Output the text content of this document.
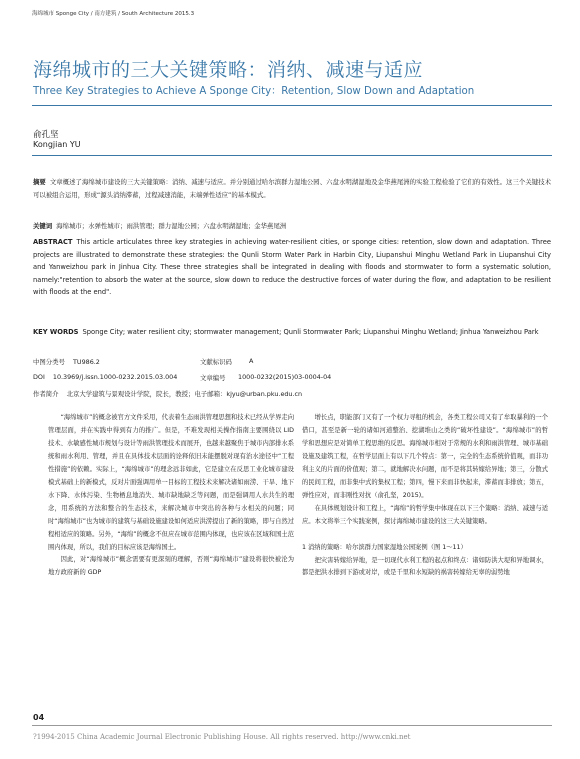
海绵城市 Sponge City / 南方建筑 / South Architecture 2015.3
海绵城市的三大关键策略：消纳、减速与适应
Three Key Strategies to Achieve A Sponge City：Retention, Slow Down and Adaptation
俞孔坚
Kongjian YU
摘要 文章概述了海绵城市建设的三大关键策略：消纳、减速与适应。并分别通过哈尔滨群力湿地公园、六盘水明湖湿地及金华燕尾洲的实验工程检验了它们的有效性。这三个关键技术可以被组合运用，形成“源头消纳滞蓄，过程减速消能，末端弹性适应”的基本模式。
关键词 海绵城市；水弹性城市；雨洪管理；群力湿地公园；六盘水明湖湿地；金华燕尾洲
ABSTRACT This article articulates three key strategies in achieving water-resilient cities, or sponge cities: retention, slow down and adaptation. Three projects are illustrated to demonstrate these strategies: the Qunli Storm Water Park in Harbin City, Liupanshui Minghu Wetland Park in Liupanshui City and Yanweizhou park in Jinhua City. These three strategies shall be integrated in dealing with floods and stormwater to form a systematic solution, namely:"retention to absorb the water at the source, slow down to reduce the destructive forces of water during the flow, and adaptation to be resilient with floods at the end".
KEY WORDS Sponge City; water resilient city; stormwater management; Qunli Stormwater Park; Liupanshui Minghu Wetland; Jinhua Yanweizhou Park
中图分类号 TU986.2	文献标识码	A
DOI 10.3969/j.issn.1000-0232.2015.03.004	文章编号 1000-0232(2015)03-0004-04
作者简介 北京大学建筑与景观设计学院，院长，教授；电子邮箱：kjyu@urban.pku.edu.cn

“海绵城市”的概念被官方文件采用，代表着生态雨洪管理思想和技术已经从学界走向管理层面，并在实践中得到有力的推广。但是，不难发现相关操作指南主要围绕以 LID 技术、水敏感性城市规划与设计等雨洪管理技术而展开，也越来越聚焦于城市内部排水系统和雨水利用、管理，并且在具体技术层面的诠释依旧未能摆脱对现有治水途径中“工程性措施”的依赖。实际上，“海绵城市”的理念远非如此，它是建立在反思工业化城市建设模式基础上的新模式，反对片面强调用单一目标的工程技术来解决诸如雨涝、干旱、地下水下降、水体污染、生物栖息地消失、城市缺地缺乏等问题，而是强调用人水共生的理念，用系统的方法和整合的生态技术，来解决城市中突出的各种与水相关的问题；同时“海绵城市”也为城市的建筑与基础设施建设如何适应洪涝提出了新的策略，即与自然过程相适应的策略。另外，“海绵”的概念不但应在城市范围内体现，也应该在区域和国土范围内体现，所以，我们的目标应该是海绵国土。

因此，对“海绵城市”概念需要有更深刻的理解，否则“海绵城市”建设将很快被沦为地方政府新的 GDP

增长点，职能部门又有了一个权力寻租的机会，各类工程公司又有了牟取暴利的一个借口，甚至是新一轮的诸如河道整治、挖湖堆山之类的“破坏性建设”。“海绵城市”的哲学和思想应是对简单工程思维的反思。海绵城市相对于常规的水利和雨洪管理、城市基础设施及建筑工程，在哲学层面上有以下几个特点：第一，完全的生态系统价值观，而非功利主义的片面的价值观；第二，就地解决水问题，而不是将其转嫁给异地；第三，分散式的民间工程，而非集中式的集权工程；第四，慢下来而非快起来，滞蓄而非排放；第五，弹性应对，而非刚性对抗（俞孔坚，2015)。

在具体规划设计和工程上，“海绵”的哲学集中体现在以下三个策略：消纳、减速与适应。本文将举三个实践案例，探讨海绵城市建设的这三大关键策略。

1 消纳的策略：哈尔滨群力国家湿地公园案例（图 1～11）

把灾害转嫁给异地，是一切现代水利工程的起点和终点：诸如防洪大堤和异地调水，都是把洪水排到下游或对岸，或是千里和水短缺的祸害转嫁给无辜的弱势地

04
?1994-2015 China Academic Journal Electronic Publishing House. All rights reserved. http://www.cnki.net
